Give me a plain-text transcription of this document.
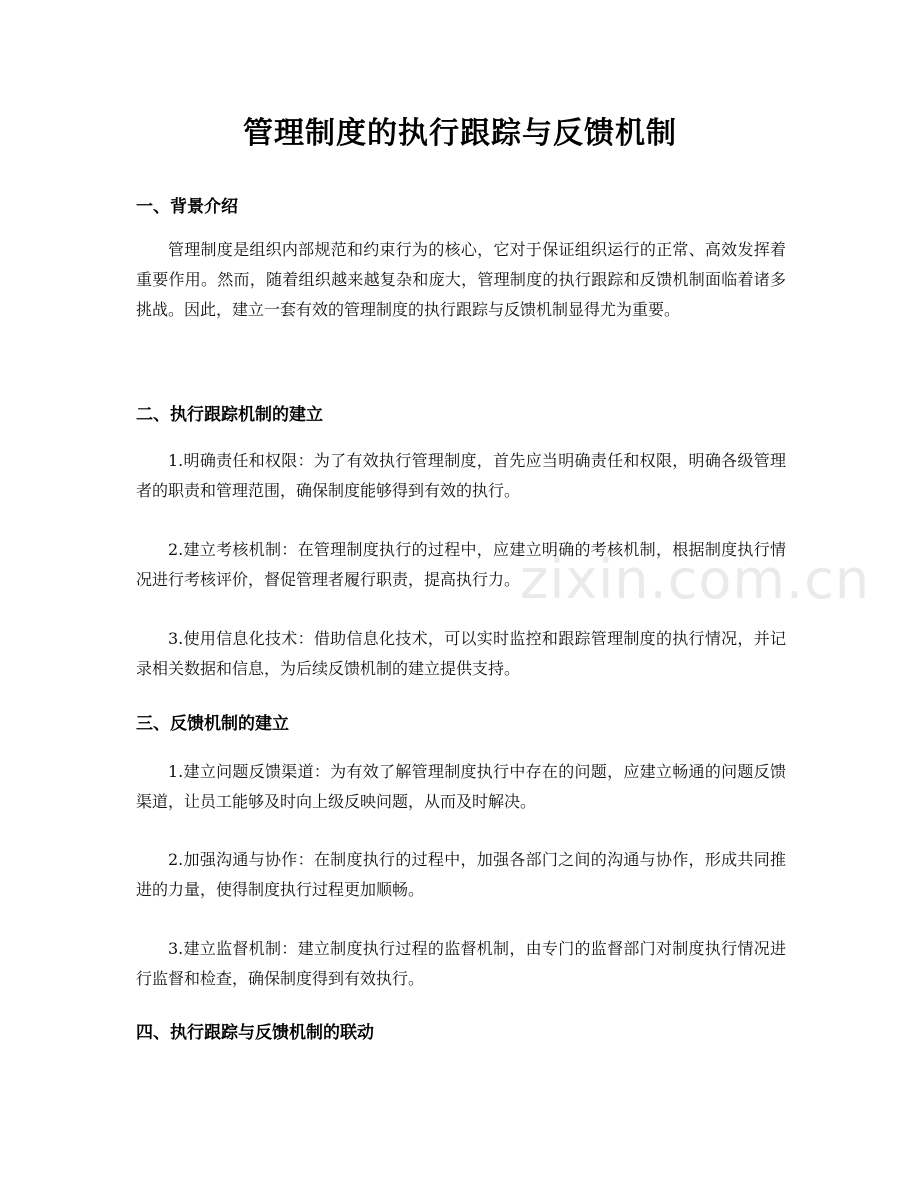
管理制度的执行跟踪与反馈机制
zixin.com.cn
一、背景介绍
管理制度是组织内部规范和约束行为的核心，它对于保证组织运行的正常、高效发挥着重要作用。然而，随着组织越来越复杂和庞大，管理制度的执行跟踪和反馈机制面临着诸多挑战。因此，建立一套有效的管理制度的执行跟踪与反馈机制显得尤为重要。
二、执行跟踪机制的建立
1.明确责任和权限：为了有效执行管理制度，首先应当明确责任和权限，明确各级管理者的职责和管理范围，确保制度能够得到有效的执行。
2.建立考核机制：在管理制度执行的过程中，应建立明确的考核机制，根据制度执行情况进行考核评价，督促管理者履行职责，提高执行力。
3.使用信息化技术：借助信息化技术，可以实时监控和跟踪管理制度的执行情况，并记录相关数据和信息，为后续反馈机制的建立提供支持。
三、反馈机制的建立
1.建立问题反馈渠道：为有效了解管理制度执行中存在的问题，应建立畅通的问题反馈渠道，让员工能够及时向上级反映问题，从而及时解决。
2.加强沟通与协作：在制度执行的过程中，加强各部门之间的沟通与协作，形成共同推进的力量，使得制度执行过程更加顺畅。
3.建立监督机制：建立制度执行过程的监督机制，由专门的监督部门对制度执行情况进行监督和检查，确保制度得到有效执行。
四、执行跟踪与反馈机制的联动
